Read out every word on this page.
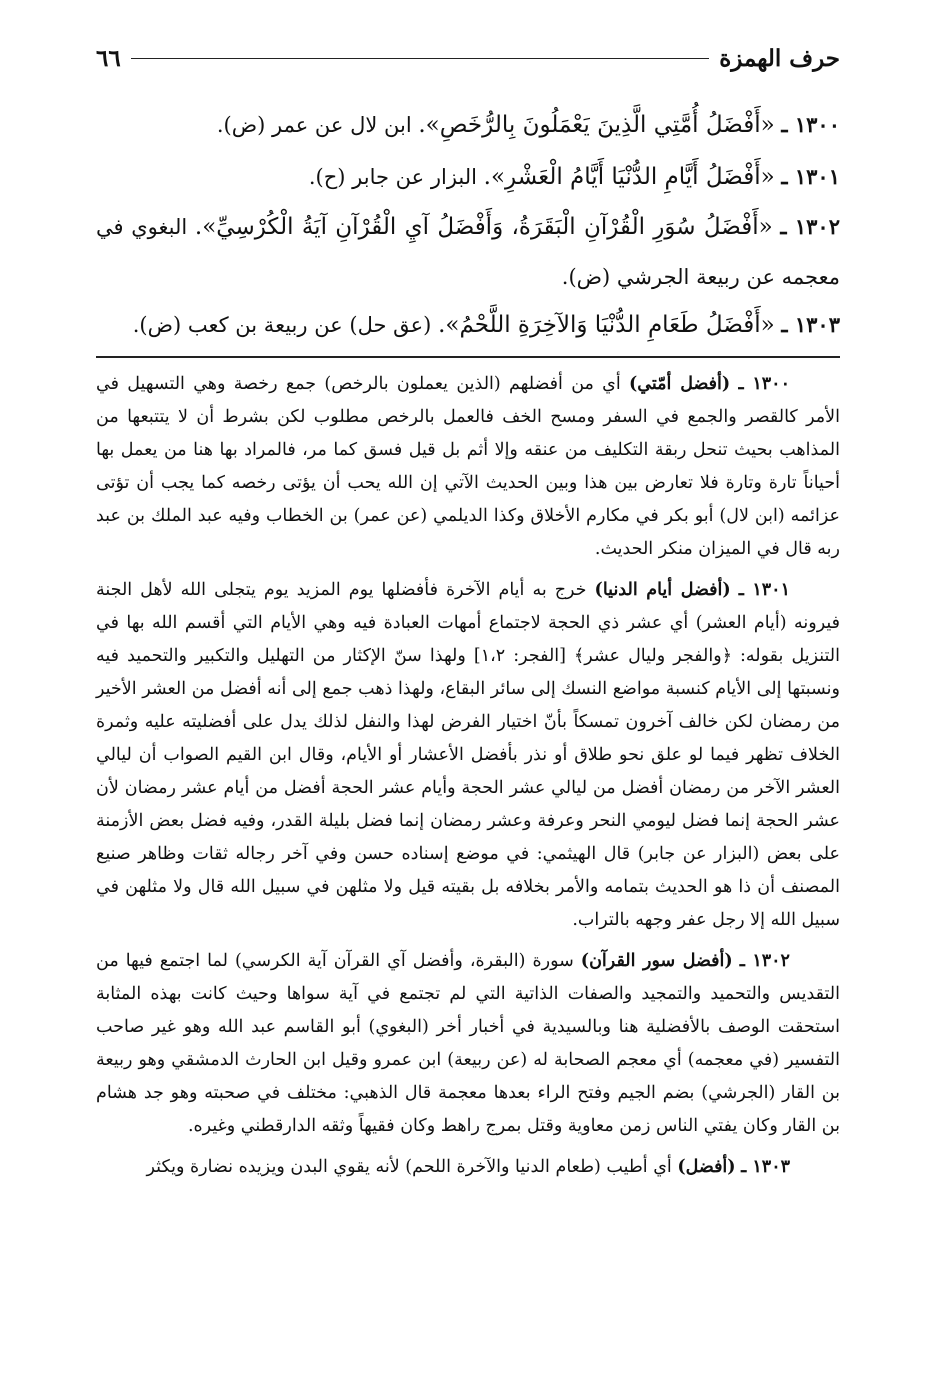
حرف الهمزة
٦٦
١٣٠٠ ـ «أَفْضَلُ أُمَّتِي الَّذِينَ يَعْمَلُونَ بِالرُّخَصِ». ابن لال عن عمر (ض).
١٣٠١ ـ «أَفْضَلُ أَيَّامِ الدُّنْيَا أَيَّامُ الْعَشْرِ». البزار عن جابر (ح).
١٣٠٢ ـ «أَفْضَلُ سُوَرِ الْقُرْآنِ الْبَقَرَةُ، وَأَفْضَلُ آيِ الْقُرْآنِ آيَةُ الْكُرْسِيِّ». البغوي في معجمه عن ربيعة الجرشي (ض).
١٣٠٣ ـ «أَفْضَلُ طَعَامِ الدُّنْيَا وَالآخِرَةِ اللَّحْمُ». (عق حل) عن ربيعة بن كعب (ض).

١٣٠٠ ـ (أفضل أمّتي) أي من أفضلهم (الذين يعملون بالرخص) جمع رخصة وهي التسهيل في الأمر كالقصر والجمع في السفر ومسح الخف فالعمل بالرخص مطلوب لكن بشرط أن لا يتتبعها من المذاهب بحيث تنحل ربقة التكليف من عنقه وإلا أثم بل قيل فسق كما مر، فالمراد بها هنا من يعمل بها أحياناً تارة وتارة فلا تعارض بين هذا وبين الحديث الآتي إن الله يحب أن يؤتى رخصه كما يجب أن تؤتى عزائمه (ابن لال) أبو بكر في مكارم الأخلاق وكذا الديلمي (عن عمر) بن الخطاب وفيه عبد الملك بن عبد ربه قال في الميزان منكر الحديث.

١٣٠١ ـ (أفضل أيام الدنيا) خرج به أيام الآخرة فأفضلها يوم المزيد يوم يتجلى الله لأهل الجنة فيرونه (أيام العشر) أي عشر ذي الحجة لاجتماع أمهات العبادة فيه وهي الأيام التي أقسم الله بها في التنزيل بقوله: ﴿والفجر وليال عشر﴾ [الفجر: ١،٢] ولهذا سنّ الإكثار من التهليل والتكبير والتحميد فيه ونسبتها إلى الأيام كنسبة مواضع النسك إلى سائر البقاع، ولهذا ذهب جمع إلى أنه أفضل من العشر الأخير من رمضان لكن خالف آخرون تمسكاً بأنّ اختيار الفرض لهذا والنفل لذلك يدل على أفضليته عليه وثمرة الخلاف تظهر فيما لو علق نحو طلاق أو نذر بأفضل الأعشار أو الأيام، وقال ابن القيم الصواب أن ليالي العشر الآخر من رمضان أفضل من ليالي عشر الحجة وأيام عشر الحجة أفضل من أيام عشر رمضان لأن عشر الحجة إنما فضل ليومي النحر وعرفة وعشر رمضان إنما فضل بليلة القدر، وفيه فضل بعض الأزمنة على بعض (البزار عن جابر) قال الهيثمي: في موضع إسناده حسن وفي آخر رجاله ثقات وظاهر صنيع المصنف أن ذا هو الحديث بتمامه والأمر بخلافه بل بقيته قيل ولا مثلهن في سبيل الله قال ولا مثلهن في سبيل الله إلا رجل عفر وجهه بالتراب.

١٣٠٢ ـ (أفضل سور القرآن) سورة (البقرة، وأفضل آي القرآن آية الكرسي) لما اجتمع فيها من التقديس والتحميد والتمجيد والصفات الذاتية التي لم تجتمع في آية سواها وحيث كانت بهذه المثابة استحقت الوصف بالأفضلية هنا وبالسيدية في أخبار أخر (البغوي) أبو القاسم عبد الله وهو غير صاحب التفسير (في معجمه) أي معجم الصحابة له (عن ربيعة) ابن عمرو وقيل ابن الحارث الدمشقي وهو ربيعة بن القار (الجرشي) بضم الجيم وفتح الراء بعدها معجمة قال الذهبي: مختلف في صحبته وهو جد هشام بن القار وكان يفتي الناس زمن معاوية وقتل بمرج راهط وكان فقيهاً وثقه الدارقطني وغيره.

١٣٠٣ ـ (أفضل) أي أطيب (طعام الدنيا والآخرة اللحم) لأنه يقوي البدن ويزيده نضارة ويكثر
